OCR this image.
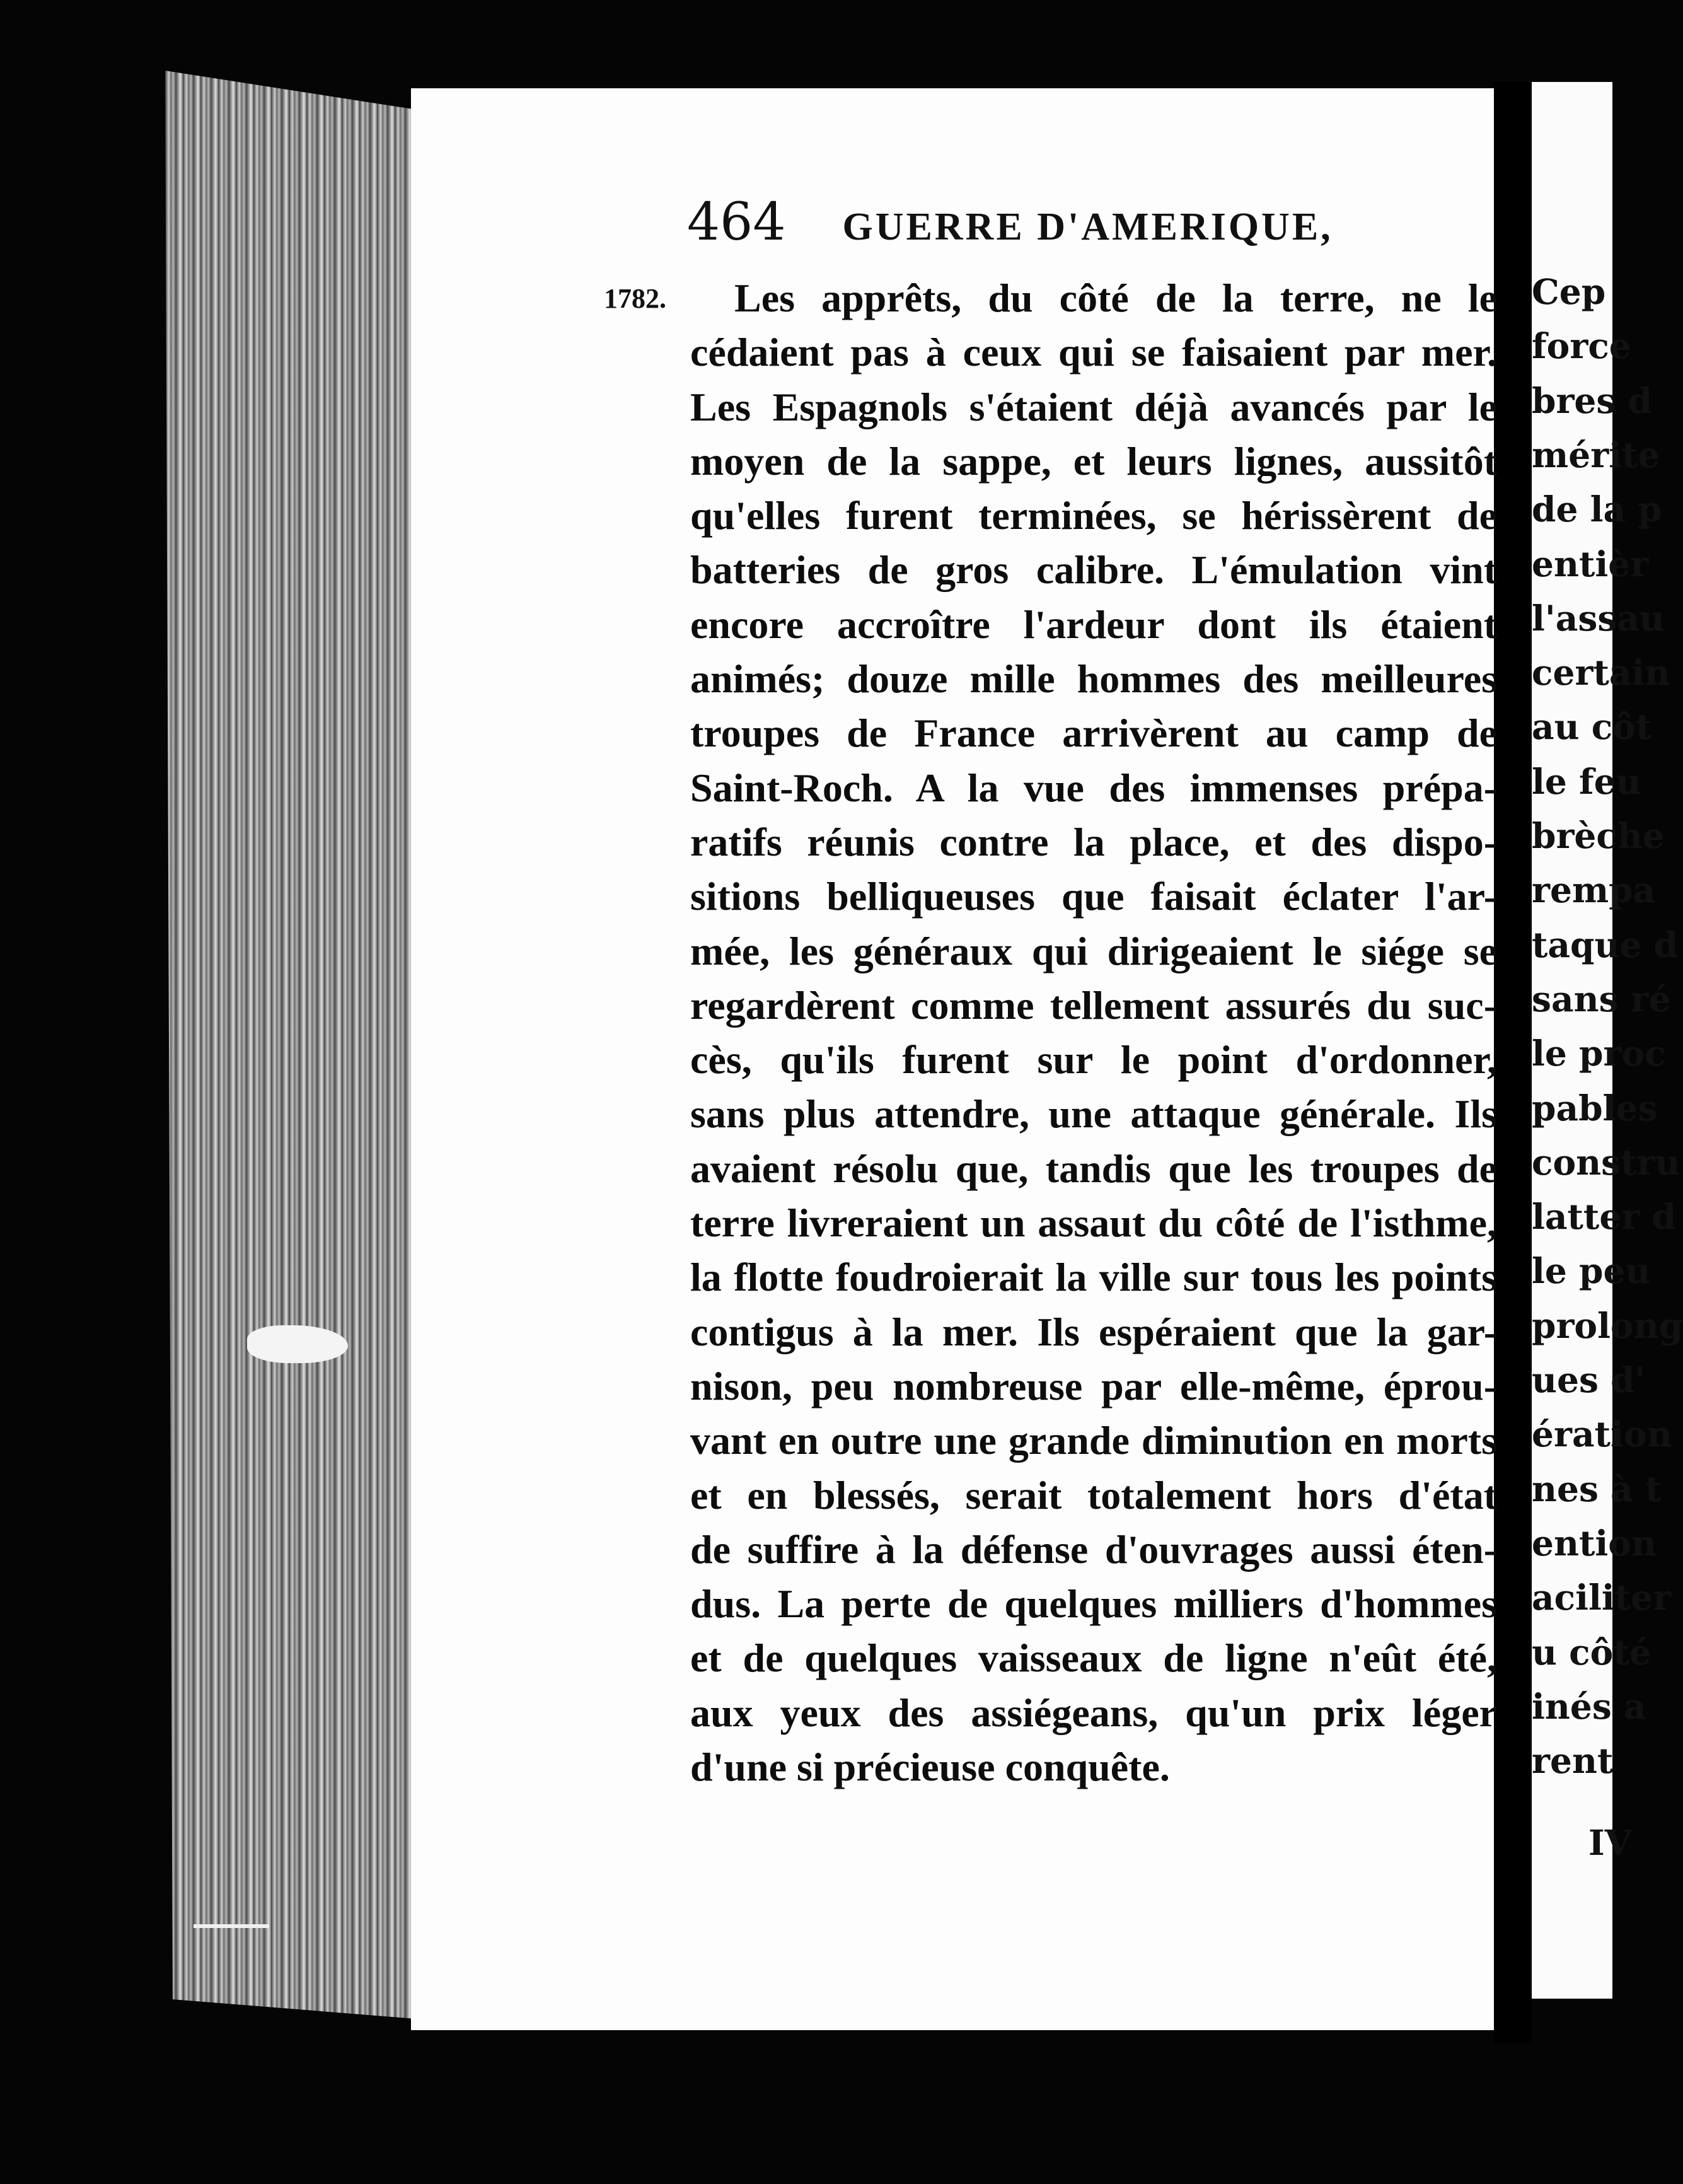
Cep
force
bres d
mérite
de la p
entièr
l'assau
certain
au côt
le feu
brèche
rempa
taque d
sans ré
le proc
pables
constru
latter d
le peu
prolong
ues d'
ération
nes à t
ention
aciliter
u côté
inés a
rent
IV
464 GUERRE D'AMERIQUE,
1782.	Les apprêts, du côté de la terre, ne le
cédaient pas à ceux qui se faisaient par mer.
Les Espagnols s'étaient déjà avancés par le
moyen de la sappe, et leurs lignes, aussitôt
qu'elles furent terminées, se hérissèrent de
batteries de gros calibre. L'émulation vint
encore accroître l'ardeur dont ils étaient
animés; douze mille hommes des meilleures
troupes de France arrivèrent au camp de
Saint-Roch. A la vue des immenses prépa-
ratifs réunis contre la place, et des dispo-
sitions belliqueuses que faisait éclater l'ar-
mée, les généraux qui dirigeaient le siége se
regardèrent comme tellement assurés du suc-
cès, qu'ils furent sur le point d'ordonner,
sans plus attendre, une attaque générale. Ils
avaient résolu que, tandis que les troupes de
terre livreraient un assaut du côté de l'isthme,
la flotte foudroierait la ville sur tous les points
contigus à la mer. Ils espéraient que la gar-
nison, peu nombreuse par elle-même, éprou-
vant en outre une grande diminution en morts
et en blessés, serait totalement hors d'état
de suffire à la défense d'ouvrages aussi éten-
dus. La perte de quelques milliers d'hommes
et de quelques vaisseaux de ligne n'eût été,
aux yeux des assiégeans, qu'un prix léger
d'une si précieuse conquête.
